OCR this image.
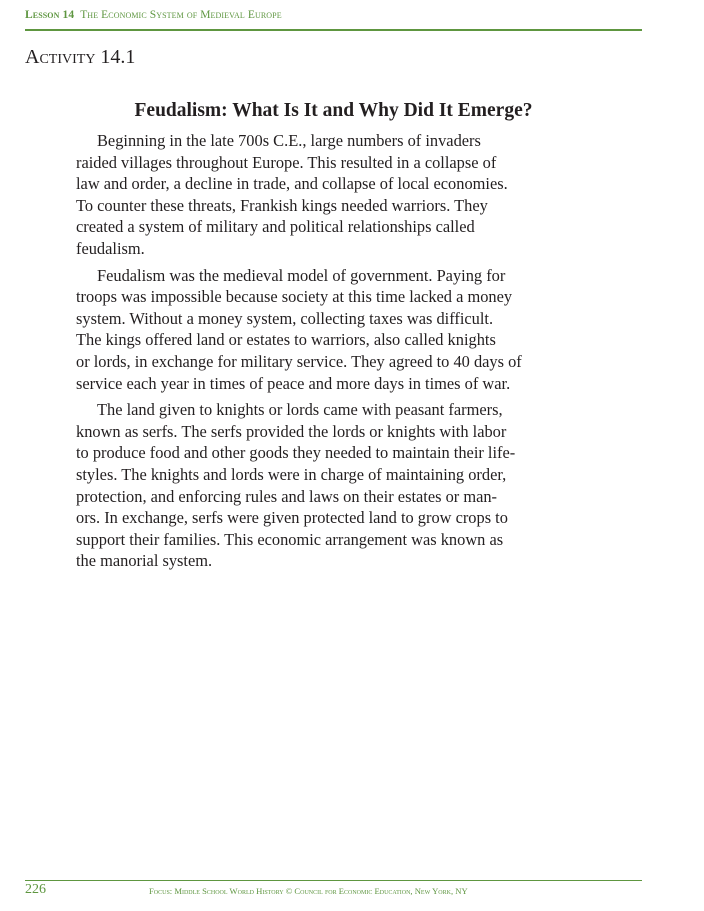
Lesson 14 The Economic System of Medieval Europe
Activity 14.1
Feudalism: What Is It and Why Did It Emerge?
Beginning in the late 700s C.E., large numbers of invaders
raided villages throughout Europe. This resulted in a collapse of
law and order, a decline in trade, and collapse of local economies.
To counter these threats, Frankish kings needed warriors. They
created a system of military and political relationships called
feudalism.
Feudalism was the medieval model of government. Paying for
troops was impossible because society at this time lacked a money
system. Without a money system, collecting taxes was difficult.
The kings offered land or estates to warriors, also called knights
or lords, in exchange for military service. They agreed to 40 days of
service each year in times of peace and more days in times of war.
The land given to knights or lords came with peasant farmers,
known as serfs. The serfs provided the lords or knights with labor
to produce food and other goods they needed to maintain their life-
styles. The knights and lords were in charge of maintaining order,
protection, and enforcing rules and laws on their estates or man-
ors. In exchange, serfs were given protected land to grow crops to
support their families. This economic arrangement was known as
the manorial system.
226	Focus: Middle School World History © Council for Economic Education, New York, NY
